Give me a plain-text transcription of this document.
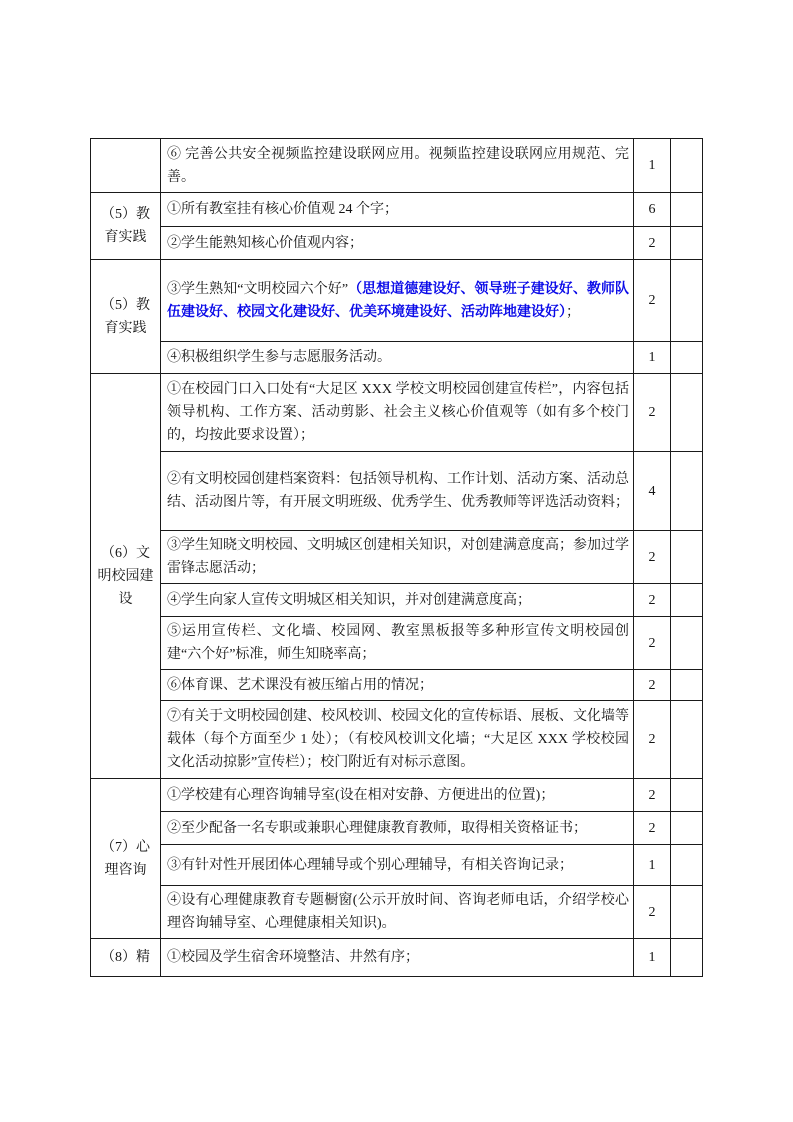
	⑥ 完善公共安全视频监控建设联网应用。视频监控建设联网应用规范、完善。	1	
（5）教育实践	①所有教室挂有核心价值观 24 个字；	6	
	②学生能熟知核心价值观内容；	2	
（5）教育实践	③学生熟知“文明校园六个好”（思想道德建设好、领导班子建设好、教师队伍建设好、校园文化建设好、优美环境建设好、活动阵地建设好）；	2	
	④积极组织学生参与志愿服务活动。	1	
（6）文明校园建设	①在校园门口入口处有“大足区 XXX 学校文明校园创建宣传栏”，内容包括领导机构、工作方案、活动剪影、社会主义核心价值观等（如有多个校门的，均按此要求设置）；	2	
	②有文明校园创建档案资料：包括领导机构、工作计划、活动方案、活动总结、活动图片等，有开展文明班级、优秀学生、优秀教师等评选活动资料；	4	
	③学生知晓文明校园、文明城区创建相关知识，对创建满意度高；参加过学雷锋志愿活动；	2	
	④学生向家人宣传文明城区相关知识，并对创建满意度高；	2	
	⑤运用宣传栏、文化墙、校园网、教室黑板报等多种形宣传文明校园创建“六个好”标准，师生知晓率高；	2	
	⑥体育课、艺术课没有被压缩占用的情况；	2	
	⑦有关于文明校园创建、校风校训、校园文化的宣传标语、展板、文化墙等载体（每个方面至少 1 处）；（有校风校训文化墙；“大足区 XXX 学校校园文化活动掠影”宣传栏）；校门附近有对标示意图。	2	
（7）心理咨询	①学校建有心理咨询辅导室(设在相对安静、方便进出的位置)；	2	
	②至少配备一名专职或兼职心理健康教育教师，取得相关资格证书；	2	
	③有针对性开展团体心理辅导或个别心理辅导，有相关咨询记录；	1	
	④设有心理健康教育专题橱窗(公示开放时间、咨询老师电话，介绍学校心理咨询辅导室、心理健康相关知识)。	2	
（8）精	①校园及学生宿舍环境整洁、井然有序；	1	
